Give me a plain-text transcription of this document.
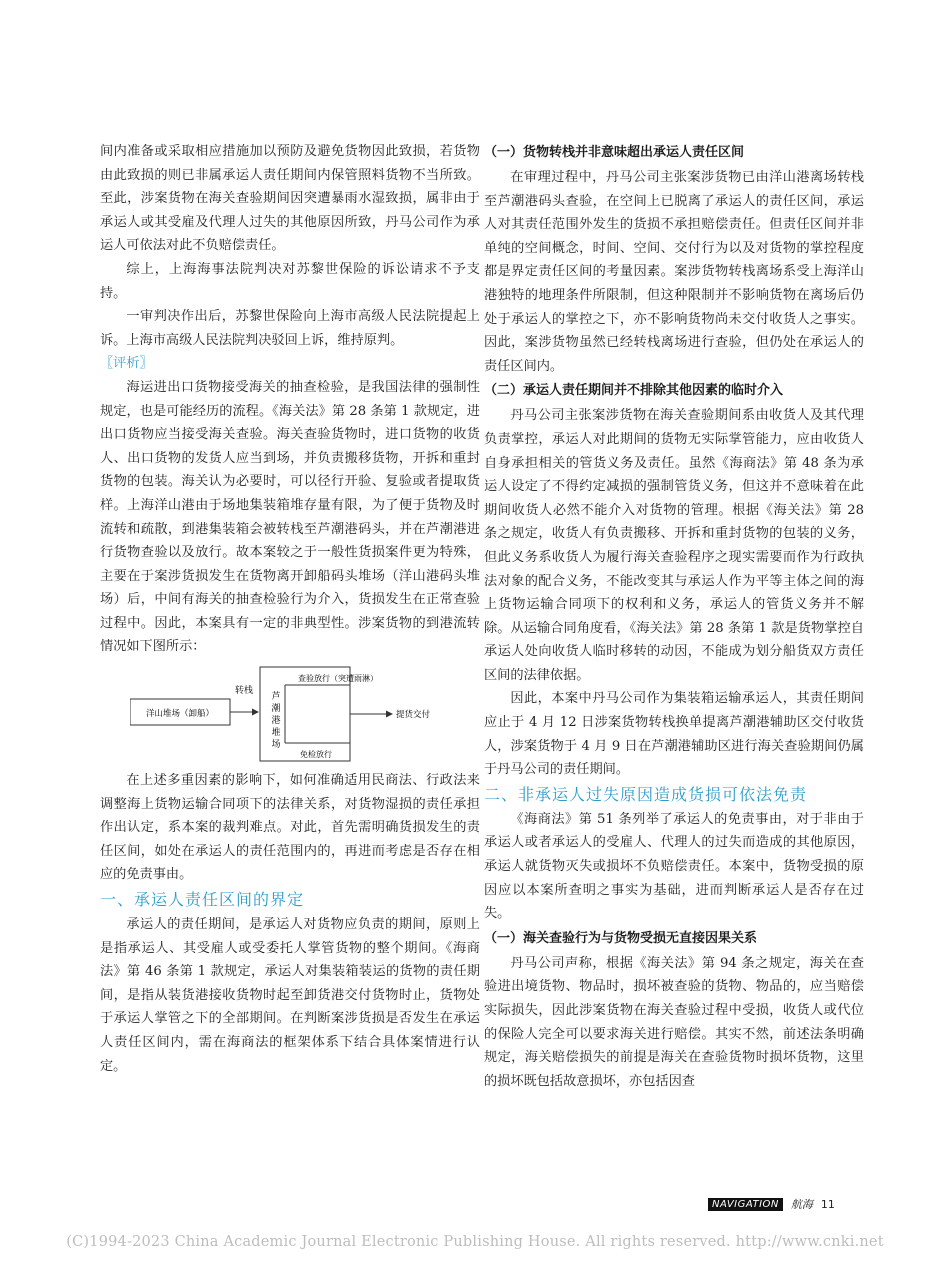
间内准备或采取相应措施加以预防及避免货物因此致损，若货物由此致损的则已非属承运人责任期间内保管照料货物不当所致。至此，涉案货物在海关查验期间因突遭暴雨水湿致损，属非由于承运人或其受雇及代理人过失的其他原因所致，丹马公司作为承运人可依法对此不负赔偿责任。

综上，上海海事法院判决对苏黎世保险的诉讼请求不予支持。

一审判决作出后，苏黎世保险向上海市高级人民法院提起上诉。上海市高级人民法院判决驳回上诉，维持原判。

〖评析〗

海运进出口货物接受海关的抽查检验，是我国法律的强制性规定，也是可能经历的流程。《海关法》第 28 条第 1 款规定，进出口货物应当接受海关查验。海关查验货物时，进口货物的收货人、出口货物的发货人应当到场，并负责搬移货物，开拆和重封货物的包装。海关认为必要时，可以径行开验、复验或者提取货样。上海洋山港由于场地集装箱堆存量有限，为了便于货物及时流转和疏散，到港集装箱会被转栈至芦潮港码头，并在芦潮港进行货物查验以及放行。故本案较之于一般性货损案件更为特殊，主要在于案涉货损发生在货物离开卸船码头堆场（洋山港码头堆场）后，中间有海关的抽查检验行为介入，货损发生在正常查验过程中。因此，本案具有一定的非典型性。涉案货物的到港流转情况如下图所示：

洋山堆场（卸船）
转栈
芦
潮
港
堆
场
查验放行（突遭雨淋）
免检放行
提货交付

在上述多重因素的影响下，如何准确适用民商法、行政法来调整海上货物运输合同项下的法律关系，对货物湿损的责任承担作出认定，系本案的裁判难点。对此，首先需明确货损发生的责任区间，如处在承运人的责任范围内的，再进而考虑是否存在相应的免责事由。

一、承运人责任区间的界定

承运人的责任期间，是承运人对货物应负责的期间，原则上是指承运人、其受雇人或受委托人掌管货物的整个期间。《海商法》第 46 条第 1 款规定，承运人对集装箱装运的货物的责任期间，是指从装货港接收货物时起至卸货港交付货物时止，货物处于承运人掌管之下的全部期间。在判断案涉货损是否发生在承运人责任区间内，需在海商法的框架体系下结合具体案情进行认定。

（一）货物转栈并非意味超出承运人责任区间

在审理过程中，丹马公司主张案涉货物已由洋山港离场转栈至芦潮港码头查验，在空间上已脱离了承运人的责任区间，承运人对其责任范围外发生的货损不承担赔偿责任。但责任区间并非单纯的空间概念，时间、空间、交付行为以及对货物的掌控程度都是界定责任区间的考量因素。案涉货物转栈离场系受上海洋山港独特的地理条件所限制，但这种限制并不影响货物在离场后仍处于承运人的掌控之下，亦不影响货物尚未交付收货人之事实。因此，案涉货物虽然已经转栈离场进行查验，但仍处在承运人的责任区间内。

（二）承运人责任期间并不排除其他因素的临时介入

丹马公司主张案涉货物在海关查验期间系由收货人及其代理负责掌控，承运人对此期间的货物无实际掌管能力，应由收货人自身承担相关的管货义务及责任。虽然《海商法》第 48 条为承运人设定了不得约定减损的强制管货义务，但这并不意味着在此期间收货人必然不能介入对货物的管理。根据《海关法》第 28 条之规定，收货人有负责搬移、开拆和重封货物的包装的义务，但此义务系收货人为履行海关查验程序之现实需要而作为行政执法对象的配合义务，不能改变其与承运人作为平等主体之间的海上货物运输合同项下的权利和义务，承运人的管货义务并不解除。从运输合同角度看，《海关法》第 28 条第 1 款是货物掌控自承运人处向收货人临时移转的动因，不能成为划分船货双方责任区间的法律依据。

因此，本案中丹马公司作为集装箱运输承运人，其责任期间应止于 4 月 12 日涉案货物转栈换单提离芦潮港辅助区交付收货人，涉案货物于 4 月 9 日在芦潮港辅助区进行海关查验期间仍属于丹马公司的责任期间。

二、非承运人过失原因造成货损可依法免责

《海商法》第 51 条列举了承运人的免责事由，对于非由于承运人或者承运人的受雇人、代理人的过失而造成的其他原因，承运人就货物灭失或损坏不负赔偿责任。本案中，货物受损的原因应以本案所查明之事实为基础，进而判断承运人是否存在过失。

（一）海关查验行为与货物受损无直接因果关系

丹马公司声称，根据《海关法》第 94 条之规定，海关在查验进出境货物、物品时，损坏被查验的货物、物品的，应当赔偿实际损失，因此涉案货物在海关查验过程中受损，收货人或代位的保险人完全可以要求海关进行赔偿。其实不然，前述法条明确规定，海关赔偿损失的前提是海关在查验货物时损坏货物，这里的损坏既包括故意损坏，亦包括因查

NAVIGATION	航海 11
(C)1994-2023 China Academic Journal Electronic Publishing House. All rights reserved. http://www.cnki.net
